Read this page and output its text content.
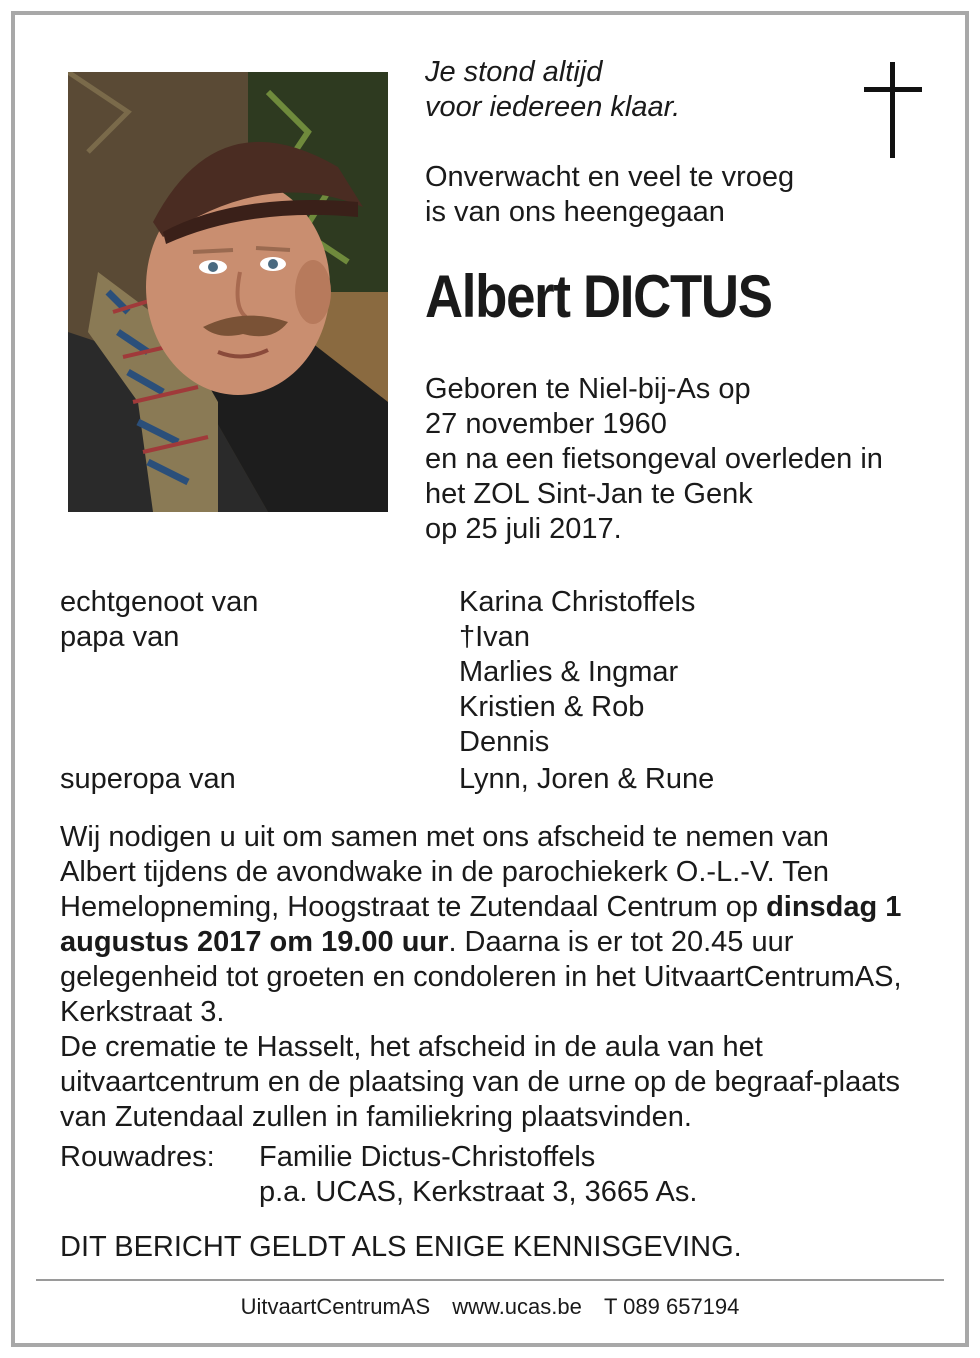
Je stond altijd
voor iedereen klaar.
Onverwacht en veel te vroeg
is van ons heengegaan
Albert DICTUS
Geboren te Niel-bij-As op
27 november 1960
en na een fietsongeval overleden in
het ZOL Sint-Jan te Genk
op 25 juli 2017.
echtgenoot van	Karina Christoffels
papa van	†Ivan
Marlies & Ingmar
Kristien & Rob
Dennis
superopa van	Lynn, Joren & Rune

Wij nodigen u uit om samen met ons afscheid te nemen van Albert tijdens de avondwake in de parochiekerk O.-L.-V. Ten Hemelopneming, Hoogstraat te Zutendaal Centrum op dinsdag 1 augustus 2017 om 19.00 uur. Daarna is er tot 20.45 uur gelegenheid tot groeten en condoleren in het UitvaartCentrumAS, Kerkstraat 3.
De crematie te Hasselt, het afscheid in de aula van het uitvaartcentrum en de plaatsing van de urne op de begraaf-plaats van Zutendaal zullen in familiekring plaatsvinden.

Rouwadres: Familie Dictus-Christoffels
p.a. UCAS, Kerkstraat 3, 3665 As.

DIT BERICHT GELDT ALS ENIGE KENNISGEVING.

UitvaartCentrumAS www.ucas.be T 089 657194
